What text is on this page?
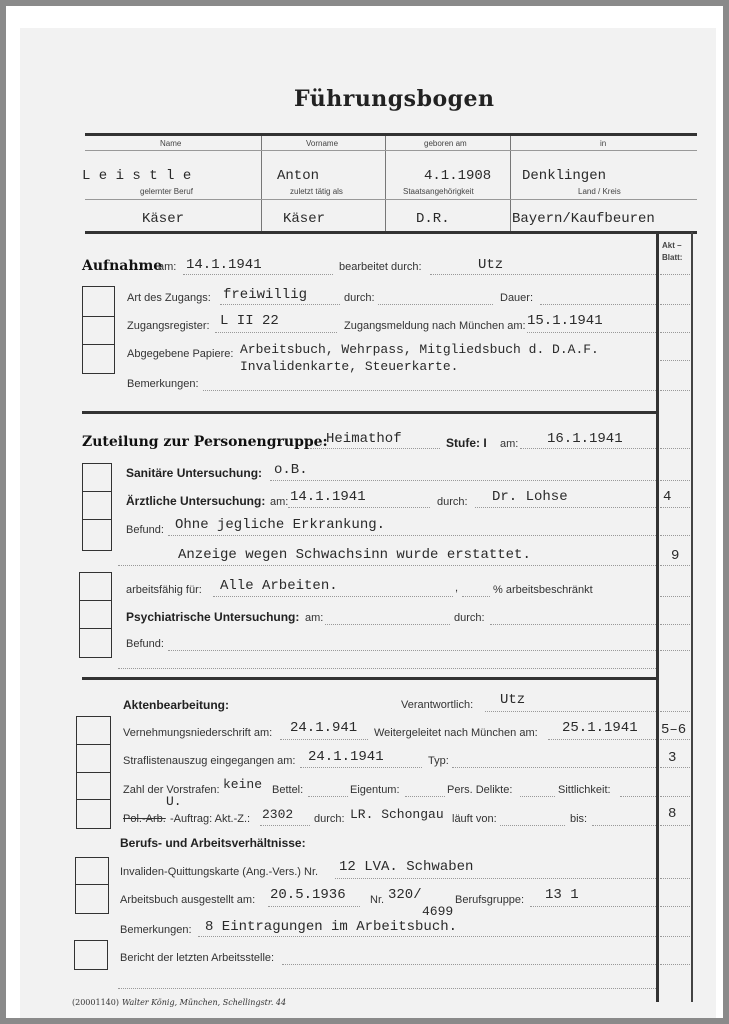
Führungsbogen
Name	Vorname	geboren am	in
L e i s t l e	Anton	4.1.1908 Denklingen
gelernter Beruf	zuletzt tätig als	Staatsangehörigkeit	Land / Kreis
Käser	Käser	D.R.	Bayern/Kaufbeuren
Akt – Blatt:
Aufnahme
am: 14.1.1941	bearbeitet durch:	Utz
Art des Zugangs: freiwillig	durch:	Dauer:
Zugangsregister: L II 22	Zugangsmeldung nach München am: 15.1.1941
Abgegebene Papiere: Arbeitsbuch, Wehrpass, Mitgliedsbuch d. D.A.F.
Invalidenkarte, Steuerkarte.
Bemerkungen:
Zuteilung zur Personengruppe:
Heimathof	Stufe: I am: 16.1.1941
Sanitäre Untersuchung: o.B.
Ärztliche Untersuchung: am: 14.1.1941	durch: Dr. Lohse	4
Befund: Ohne jegliche Erkrankung.
Anzeige wegen Schwachsinn wurde erstattet.	9
arbeitsfähig für: Alle Arbeiten.	,	% arbeitsbeschränkt
Psychiatrische Untersuchung: am:	durch:
Befund:
Aktenbearbeitung:	Verantwortlich: Utz
Vernehmungsniederschrift am: 24.1.941 Weitergeleitet nach München am: 25.1.1941 5–6
Straflistenauszug eingegangen am: 24.1.1941	Typ:	3
Zahl der Vorstrafen: keine Bettel:	Eigentum:	Pers. Delikte:	Sittlichkeit:
U.
Pol.-Arb. -Auftrag: Akt.-Z.: 2302 durch: LR. Schongau läuft von:	bis:	8
Berufs- und Arbeitsverhältnisse:
Invaliden-Quittungskarte (Ang.-Vers.) Nr. 12 LVA. Schwaben
Arbeitsbuch ausgestellt am: 20.5.1936 Nr. 320/
4699
Berufsgruppe: 13 1
Bemerkungen: 8 Eintragungen im Arbeitsbuch.
Bericht der letzten Arbeitsstelle:
(20001140) Walter König, München, Schellingstr. 44
